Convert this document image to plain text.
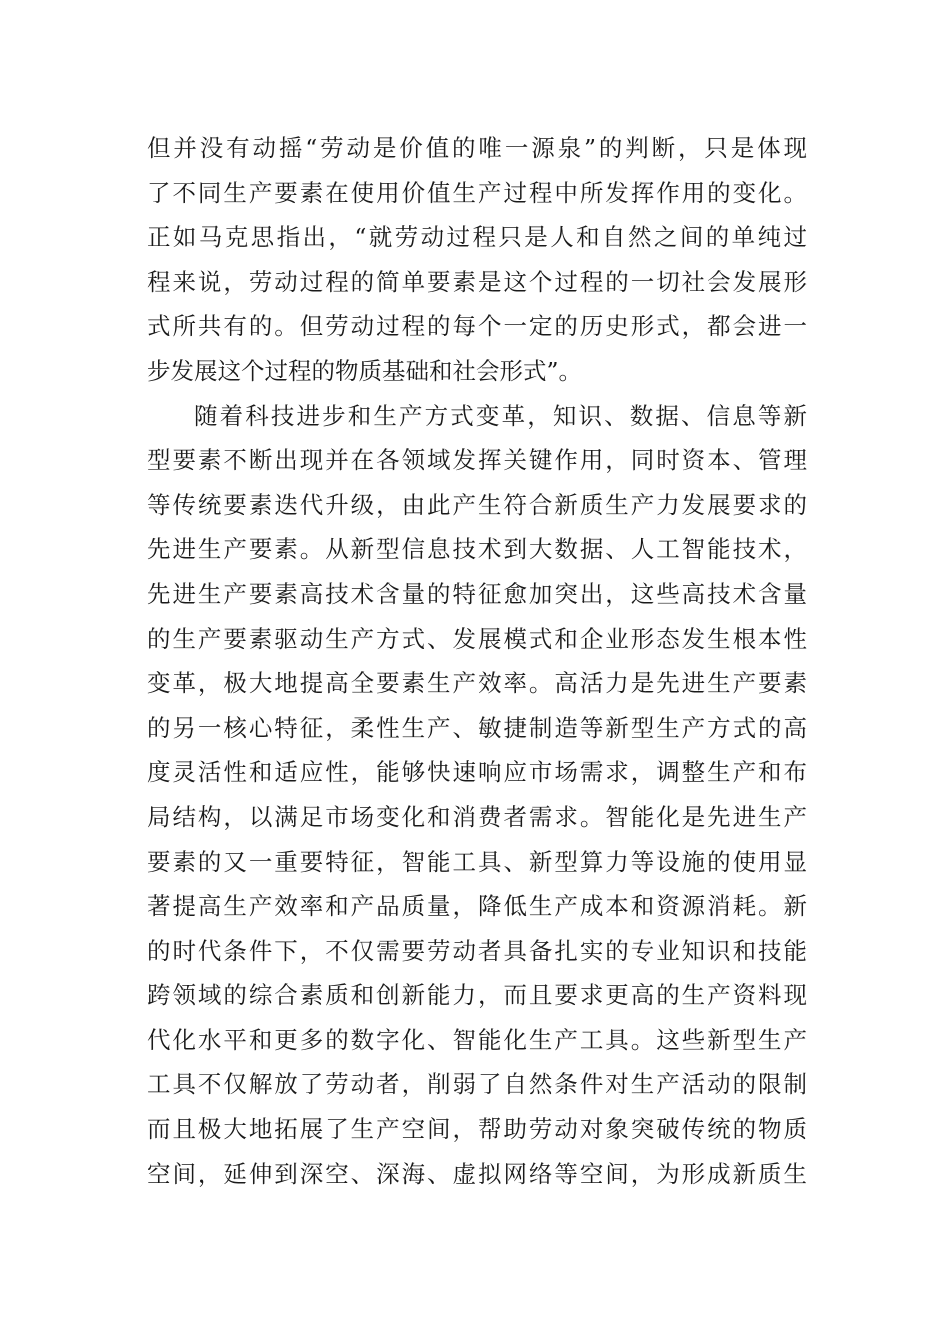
但并没有动摇“劳动是价值的唯一源泉”的判断，只是体现
了不同生产要素在使用价值生产过程中所发挥作用的变化。
正如马克思指出，“就劳动过程只是人和自然之间的单纯过
程来说，劳动过程的简单要素是这个过程的一切社会发展形
式所共有的。但劳动过程的每个一定的历史形式，都会进一
步发展这个过程的物质基础和社会形式”。
随着科技进步和生产方式变革，知识、数据、信息等新
型要素不断出现并在各领域发挥关键作用，同时资本、管理
等传统要素迭代升级，由此产生符合新质生产力发展要求的
先进生产要素。从新型信息技术到大数据、人工智能技术，
先进生产要素高技术含量的特征愈加突出，这些高技术含量
的生产要素驱动生产方式、发展模式和企业形态发生根本性
变革，极大地提高全要素生产效率。高活力是先进生产要素
的另一核心特征，柔性生产、敏捷制造等新型生产方式的高
度灵活性和适应性，能够快速响应市场需求，调整生产和布
局结构，以满足市场变化和消费者需求。智能化是先进生产
要素的又一重要特征，智能工具、新型算力等设施的使用显
著提高生产效率和产品质量，降低生产成本和资源消耗。新
的时代条件下，不仅需要劳动者具备扎实的专业知识和技能
跨领域的综合素质和创新能力，而且要求更高的生产资料现
代化水平和更多的数字化、智能化生产工具。这些新型生产
工具不仅解放了劳动者，削弱了自然条件对生产活动的限制
而且极大地拓展了生产空间，帮助劳动对象突破传统的物质
空间，延伸到深空、深海、虚拟网络等空间，为形成新质生
